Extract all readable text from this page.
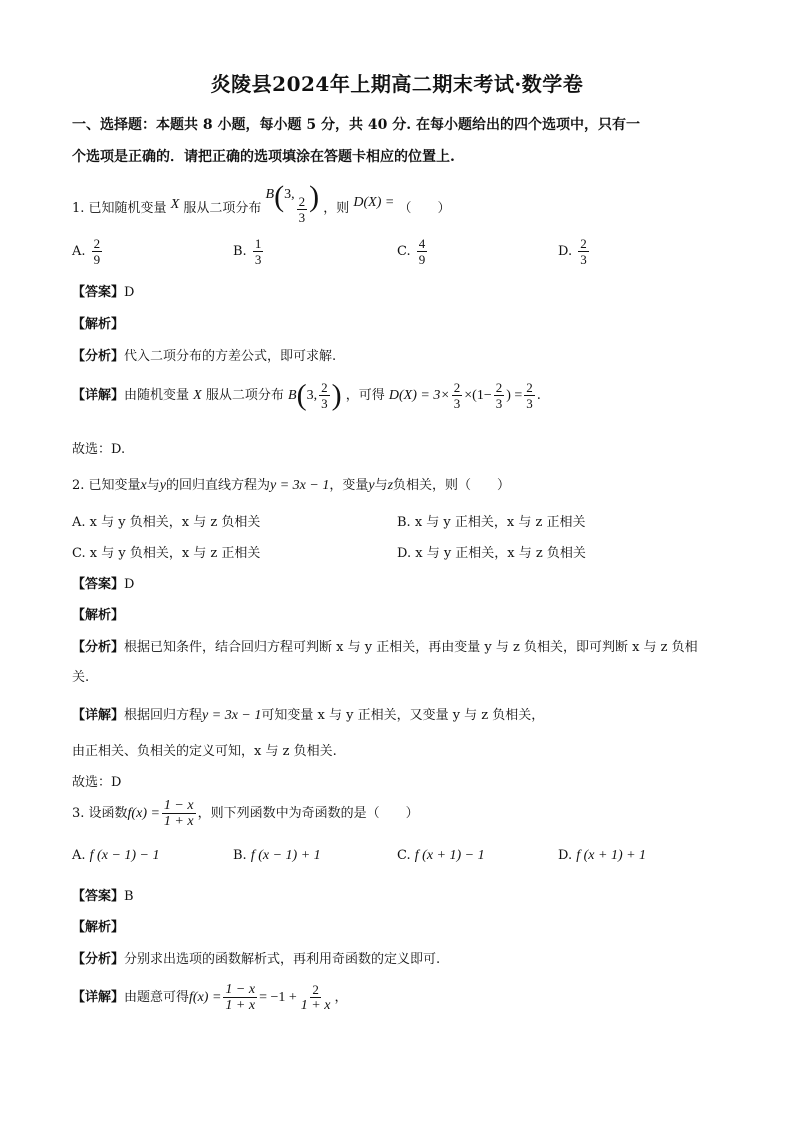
炎陵县2024年上期高二期末考试·数学卷
一、选择题：本题共 8 小题，每小题 5 分，共 40 分. 在每小题给出的四个选项中，只有一
个选项是正确的．请把正确的选项填涂在答题卡相应的位置上.
1. 已知随机变量 X 服从二项分布 B(3, $\frac{2}{3}$ ) ，则 D(X) = （　　）
A. $\frac{2}{9}$	B. $\frac{1}{3}$	C. $\frac{4}{9}$	D. $\frac{2}{3}$
【答案】D
【解析】
【分析】代入二项分布的方差公式，即可求解.
【详解】由随机变量 X 服从二项分布 B(3, $\frac{2}{3}$ ) ，可得 $D(X) = 3\times \frac{2}{3} \times(1- \frac{2}{3}$ ) = $\frac{2}{3}$ .
故选：D.
2. 已知变量x与y的回归直线方程为y = 3x − 1，变量y与z负相关，则（　　）
A. x 与 y 负相关，x 与 z 负相关	B. x 与 y 正相关，x 与 z 正相关
C. x 与 y 负相关，x 与 z 正相关	D. x 与 y 正相关，x 与 z 负相关
【答案】D
【解析】
【分析】根据已知条件，结合回归方程可判断 x 与 y 正相关，再由变量 y 与 z 负相关，即可判断 x 与 z 负相
关.
【详解】根据回归方程y = 3x − 1可知变量 x 与 y 正相关，又变量 y 与 z 负相关，
由正相关、负相关的定义可知，x 与 z 负相关.
故选：D
3. 设函数$f(x) = \frac{1 - x}{1 + x}$ ，则下列函数中为奇函数的是（　　）
A. f (x − 1) − 1	B. f (x − 1) + 1	C. f (x + 1) − 1	D. f (x + 1) + 1
【答案】B
【解析】
【分析】分别求出选项的函数解析式，再利用奇函数的定义即可.
【详解】由题意可得$f(x) = \frac{1 - x}{1 + x} = -1 + \frac{2}{1 + x}$ ，
